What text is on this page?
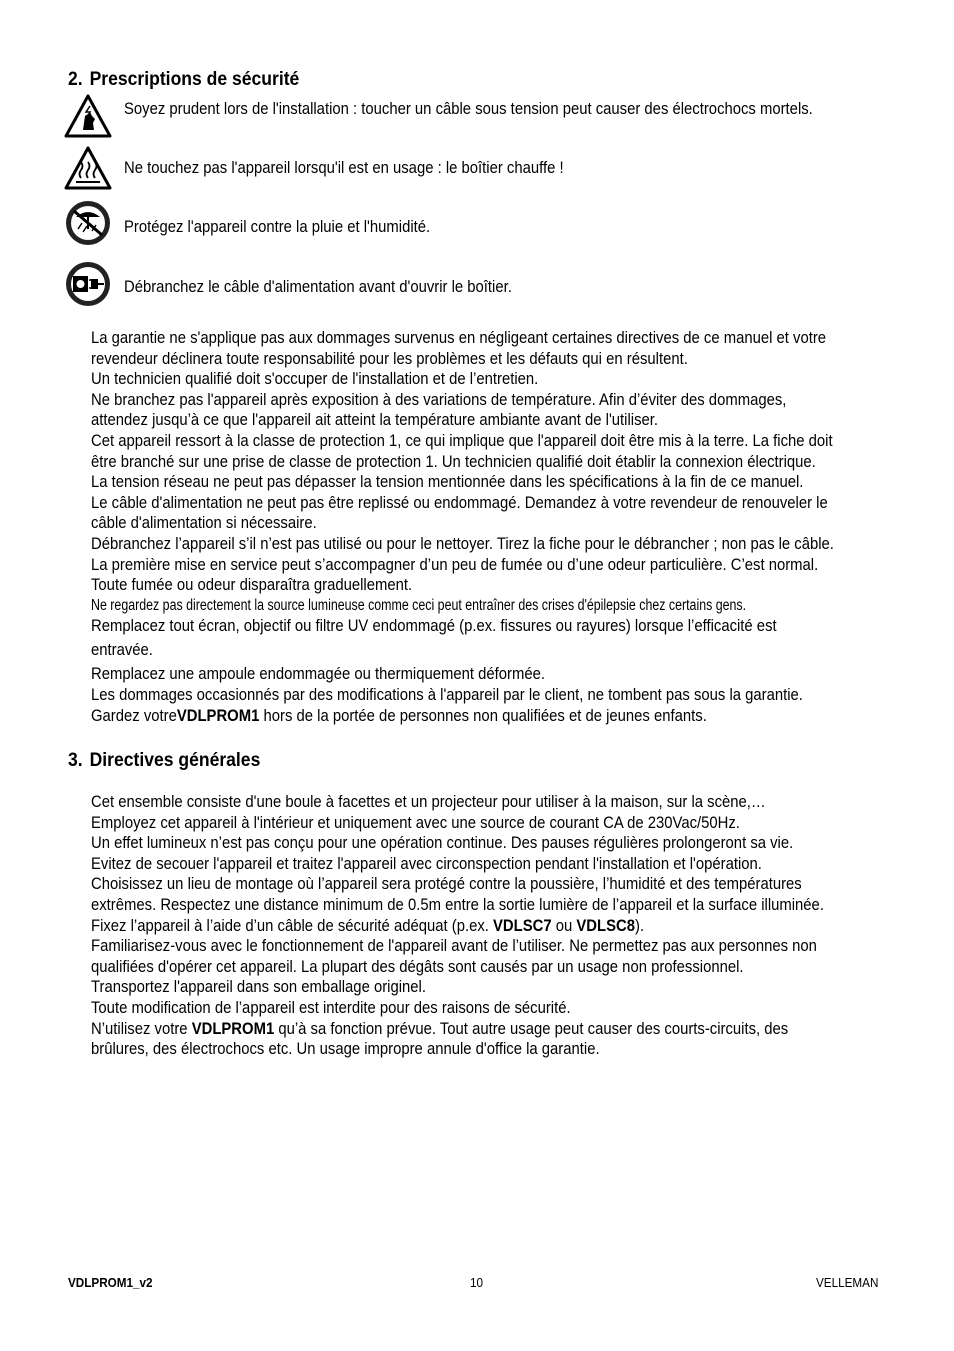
2. Prescriptions de sécurité
Soyez prudent lors de l'installation : toucher un câble sous tension peut causer des électrochocs mortels.
Ne touchez pas l'appareil lorsqu'il est en usage : le boîtier chauffe !
Protégez l'appareil contre la pluie et l'humidité.
Débranchez le câble d'alimentation avant d'ouvrir le boîtier.
La garantie ne s'applique pas aux dommages survenus en négligeant certaines directives de ce manuel et votre
revendeur déclinera toute responsabilité pour les problèmes et les défauts qui en résultent.
Un technicien qualifié doit s'occuper de l'installation et de l’entretien.
Ne branchez pas l'appareil après exposition à des variations de température. Afin d’éviter des dommages,
attendez jusqu’à ce que l'appareil ait atteint la température ambiante avant de l'utiliser.
Cet appareil ressort à la classe de protection 1, ce qui implique que l'appareil doit être mis à la terre. La fiche doit
être branché sur une prise de classe de protection 1. Un technicien qualifié doit établir la connexion électrique.
La tension réseau ne peut pas dépasser la tension mentionnée dans les spécifications à la fin de ce manuel.
Le câble d'alimentation ne peut pas être replissé ou endommagé. Demandez à votre revendeur de renouveler le
câble d'alimentation si nécessaire.
Débranchez l’appareil s’il n’est pas utilisé ou pour le nettoyer. Tirez la fiche pour le débrancher ; non pas le câble.
La première mise en service peut s’accompagner d’un peu de fumée ou d’une odeur particulière. C’est normal.
Toute fumée ou odeur disparaîtra graduellement.
Ne regardez pas directement la source lumineuse comme ceci peut entraîner des crises d'épilepsie chez certains gens.
Remplacez tout écran, objectif ou filtre UV endommagé (p.ex. fissures ou rayures) lorsque l’efficacité est
entravée.
Remplacez une ampoule endommagée ou thermiquement déformée.
Les dommages occasionnés par des modifications à l'appareil par le client, ne tombent pas sous la garantie.
Gardez votreVDLPROM1 hors de la portée de personnes non qualifiées et de jeunes enfants.
3. Directives générales
Cet ensemble consiste d'une boule à facettes et un projecteur pour utiliser à la maison, sur la scène,…
Employez cet appareil à l'intérieur et uniquement avec une source de courant CA de 230Vac/50Hz.
Un effet lumineux n’est pas conçu pour une opération continue. Des pauses régulières prolongeront sa vie.
Evitez de secouer l'appareil et traitez l'appareil avec circonspection pendant l'installation et l'opération.
Choisissez un lieu de montage où l’appareil sera protégé contre la poussière, l’humidité et des températures
extrêmes. Respectez une distance minimum de 0.5m entre la sortie lumière de l’appareil et la surface illuminée.
Fixez l’appareil à l’aide d’un câble de sécurité adéquat (p.ex. VDLSC7 ou VDLSC8).
Familiarisez-vous avec le fonctionnement de l'appareil avant de l’utiliser. Ne permettez pas aux personnes non
qualifiées d'opérer cet appareil. La plupart des dégâts sont causés par un usage non professionnel.
Transportez l'appareil dans son emballage originel.
Toute modification de l’appareil est interdite pour des raisons de sécurité.
N’utilisez votre VDLPROM1 qu’à sa fonction prévue. Tout autre usage peut causer des courts-circuits, des
brûlures, des électrochocs etc. Un usage impropre annule d'office la garantie.
VDLPROM1_v2	10	VELLEMAN
